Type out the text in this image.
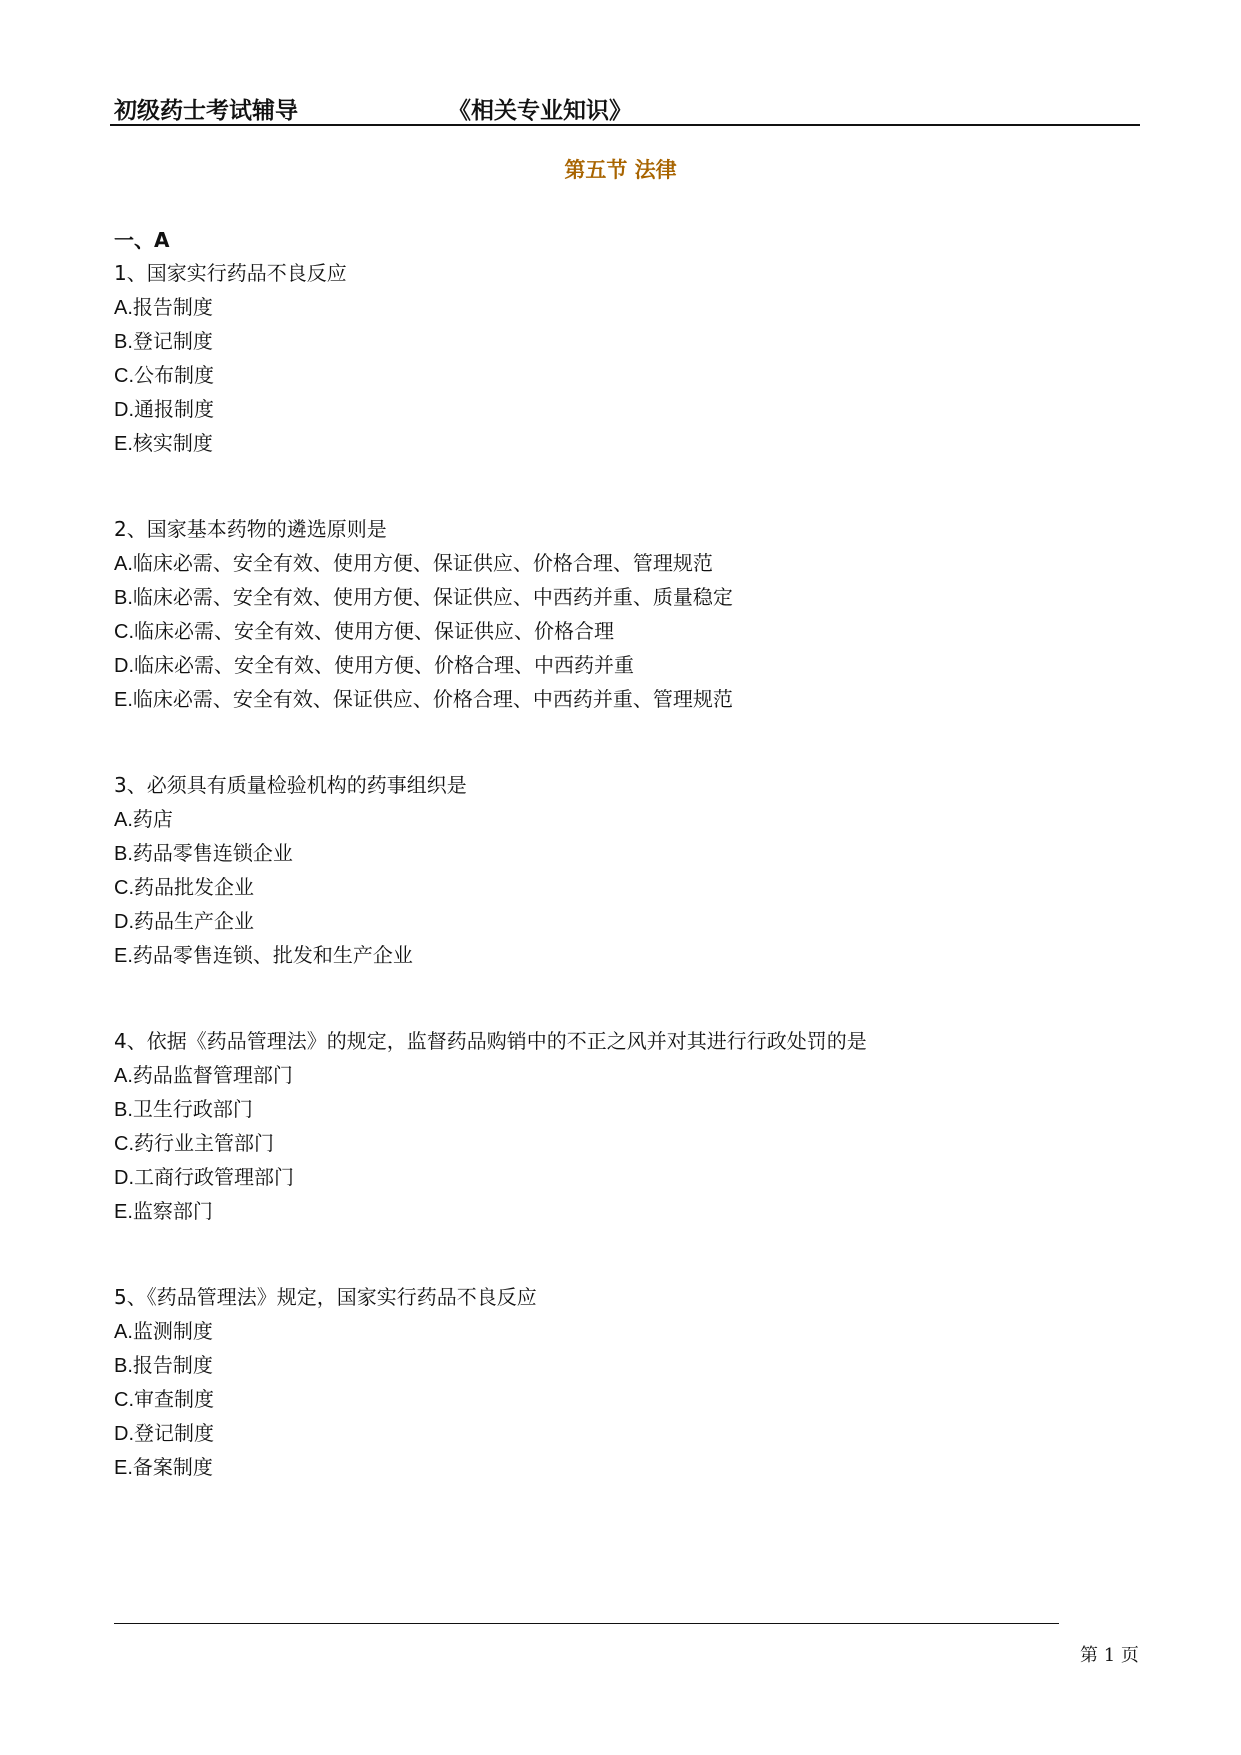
初级药士考试辅导	《相关专业知识》
第五节 法律
一、A
1、国家实行药品不良反应
A.报告制度
B.登记制度
C.公布制度
D.通报制度
E.核实制度
2、国家基本药物的遴选原则是
A.临床必需、安全有效、使用方便、保证供应、价格合理、管理规范
B.临床必需、安全有效、使用方便、保证供应、中西药并重、质量稳定
C.临床必需、安全有效、使用方便、保证供应、价格合理
D.临床必需、安全有效、使用方便、价格合理、中西药并重
E.临床必需、安全有效、保证供应、价格合理、中西药并重、管理规范
3、必须具有质量检验机构的药事组织是
A.药店
B.药品零售连锁企业
C.药品批发企业
D.药品生产企业
E.药品零售连锁、批发和生产企业
4、依据《药品管理法》的规定，监督药品购销中的不正之风并对其进行行政处罚的是
A.药品监督管理部门
B.卫生行政部门
C.药行业主管部门
D.工商行政管理部门
E.监察部门
5、《药品管理法》规定，国家实行药品不良反应
A.监测制度
B.报告制度
C.审查制度
D.登记制度
E.备案制度
第 1 页
